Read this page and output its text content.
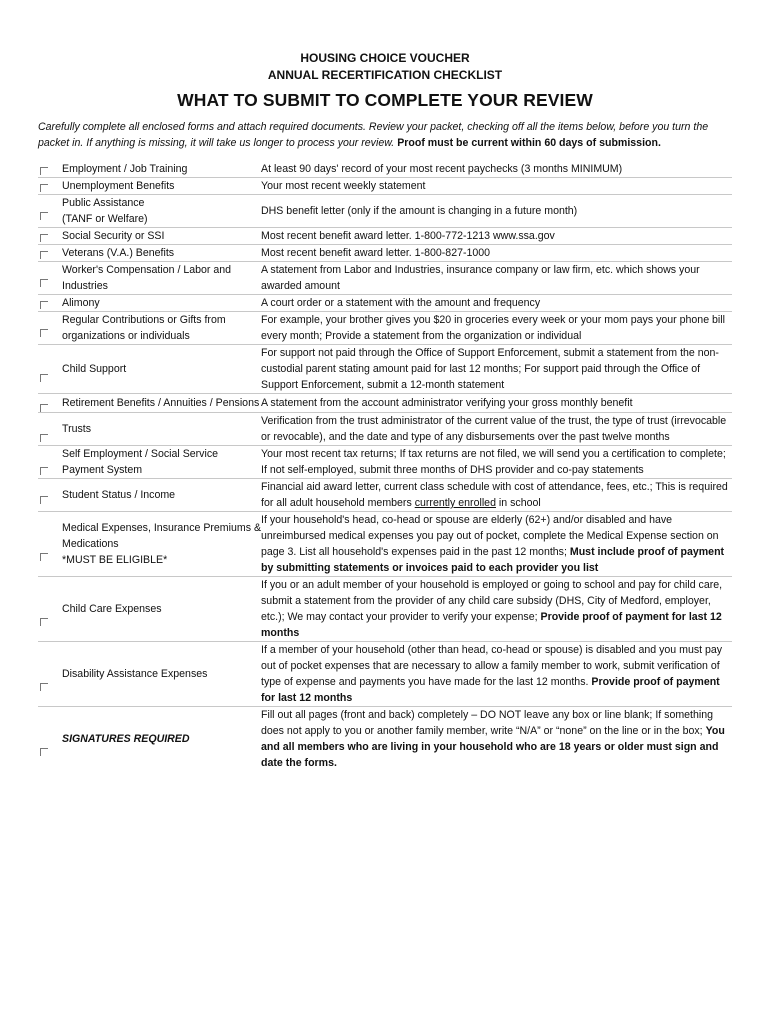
HOUSING CHOICE VOUCHER
ANNUAL RECERTIFICATION CHECKLIST
WHAT TO SUBMIT TO COMPLETE YOUR REVIEW
Carefully complete all enclosed forms and attach required documents. Review your packet, checking off all the items below, before you turn the packet in. If anything is missing, it will take us longer to process your review. Proof must be current within 60 days of submission.

	Employment / Job Training	At least 90 days' record of your most recent paychecks (3 months MINIMUM)

	Unemployment Benefits	Your most recent weekly statement

	Public Assistance
(TANF or Welfare)	DHS benefit letter (only if the amount is changing in a future month)

	Social Security or SSI	Most recent benefit award letter. 1-800-772-1213 www.ssa.gov

	Veterans (V.A.) Benefits	Most recent benefit award letter. 1-800-827-1000

	Worker's Compensation / Labor and Industries	A statement from Labor and Industries, insurance company or law firm, etc. which shows your awarded amount

	Alimony	A court order or a statement with the amount and frequency

	Regular Contributions or Gifts from organizations or individuals	For example, your brother gives you $20 in groceries every week or your mom pays your phone bill every month; Provide a statement from the organization or individual

	Child Support	For support not paid through the Office of Support Enforcement, submit a statement from the non-custodial parent stating amount paid for last 12 months; For support paid through the Office of Support Enforcement, submit a 12-month statement

	Retirement Benefits / Annuities / Pensions	A statement from the account administrator verifying your gross monthly benefit

	Trusts	Verification from the trust administrator of the current value of the trust, the type of trust (irrevocable or revocable), and the date and type of any disbursements over the past twelve months

	Self Employment / Social Service Payment System	Your most recent tax returns; If tax returns are not filed, we will send you a certification to complete; If not self-employed, submit three months of DHS provider and co-pay statements

	Student Status / Income	Financial aid award letter, current class schedule with cost of attendance, fees, etc.; This is required for all adult household members currently enrolled in school

	Medical Expenses, Insurance Premiums & Medications
*MUST BE ELIGIBLE*	If your household's head, co-head or spouse are elderly (62+) and/or disabled and have unreimbursed medical expenses you pay out of pocket, complete the Medical Expense section on page 3. List all household's expenses paid in the past 12 months; Must include proof of payment by submitting statements or invoices paid to each provider you list

	Child Care Expenses	If you or an adult member of your household is employed or going to school and pay for child care, submit a statement from the provider of any child care subsidy (DHS, City of Medford, employer, etc.); We may contact your provider to verify your expense; Provide proof of payment for last 12 months

	Disability Assistance Expenses	If a member of your household (other than head, co-head or spouse) is disabled and you must pay out of pocket expenses that are necessary to allow a family member to work, submit verification of type of expense and payments you have made for the last 12 months. Provide proof of payment for last 12 months

	SIGNATURES REQUIRED	Fill out all pages (front and back) completely – DO NOT leave any box or line blank; If something does not apply to you or another family member, write “N/A” or “none” on the line or in the box; You and all members who are living in your household who are 18 years or older must sign and date the forms.
